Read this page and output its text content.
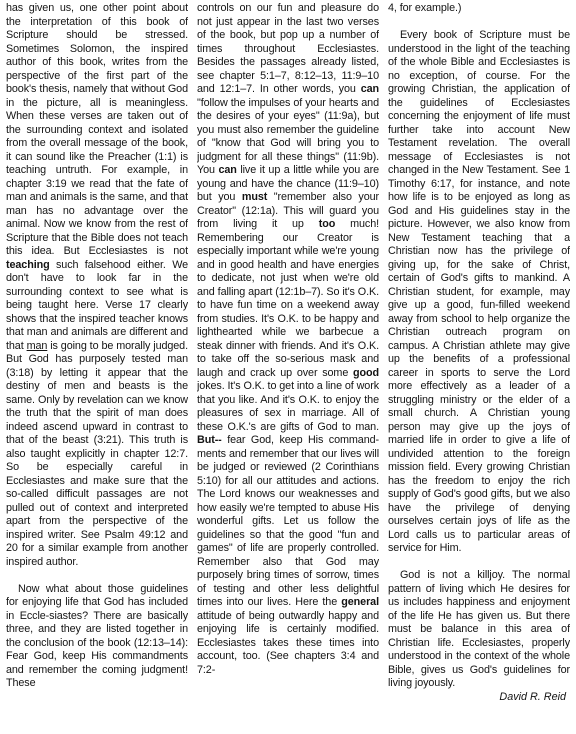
has given us, one other point about the interpretation of this book of Scripture should be stressed. Sometimes Solomon, the inspired author of this book, writes from the perspective of the first part of the book's thesis, namely that without God in the picture, all is meaningless. When these verses are taken out of the surrounding context and isolated from the overall message of the book, it can sound like the Preacher (1:1) is teaching untruth. For example, in chapter 3:19 we read that the fate of man and animals is the same, and that man has no advantage over the animal. Now we know from the rest of Scripture that the Bible does not teach this idea. But Ecclesiastes is not teaching such falsehood either. We don't have to look far in the surrounding context to see what is being taught here. Verse 17 clearly shows that the inspired teacher knows that man and animals are different and that man is going to be morally judged. But God has purposely tested man (3:18) by letting it appear that the destiny of men and beasts is the same. Only by revelation can we know the truth that the spirit of man does indeed ascend upward in contrast to that of the beast (3:21). This truth is also taught explicitly in chapter 12:7. So be especially careful in Ecclesiastes and make sure that the so-called difficult passages are not pulled out of context and interpreted apart from the perspective of the inspired writer. See Psalm 49:12 and 20 for a similar example from another inspired author.

Now what about those guidelines for enjoying life that God has included in Eccle-siastes? There are basically three, and they are listed together in the conclusion of the book (12:13–14): Fear God, keep His commandments and remember the coming judgment! These

controls on our fun and pleasure do not just appear in the last two verses of the book, but pop up a number of times throughout Ecclesiastes. Besides the passages already listed, see chapter 5:1–7, 8:12–13, 11:9–10 and 12:1–7. In other words, you can "follow the impulses of your hearts and the desires of your eyes" (11:9a), but you must also remember the guideline of "know that God will bring you to judgment for all these things" (11:9b). You can live it up a little while you are young and have the chance (11:9–10) but you must "remember also your Creator" (12:1a). This will guard you from living it up too much! Remembering our Creator is especially important while we're young and in good health and have energies to dedicate, not just when we're old and falling apart (12:1b–7). So it's O.K. to have fun time on a weekend away from studies. It's O.K. to be happy and lighthearted while we barbecue a steak dinner with friends. And it's O.K. to take off the so-serious mask and laugh and crack up over some good jokes. It's O.K. to get into a line of work that you like. And it's O.K. to enjoy the pleasures of sex in marriage. All of these O.K.'s are gifts of God to man. But-- fear God, keep His command-ments and remember that our lives will be judged or reviewed (2 Corinthians 5:10) for all our attitudes and actions. The Lord knows our weaknesses and how easily we're tempted to abuse His wonderful gifts. Let us follow the guidelines so that the good "fun and games" of life are properly controlled. Remember also that God may purposely bring times of sorrow, times of testing and other less delightful times into our lives. Here the general attitude of being outwardly happy and enjoying life is certainly modified. Ecclesiastes takes these times into account, too. (See chapters 3:4 and 7:2-

4, for example.)

Every book of Scripture must be understood in the light of the teaching of the whole Bible and Ecclesiastes is no exception, of course. For the growing Christian, the application of the guidelines of Ecclesiastes concerning the enjoyment of life must further take into account New Testament revelation. The overall message of Ecclesiastes is not changed in the New Testament. See 1 Timothy 6:17, for instance, and note how life is to be enjoyed as long as God and His guidelines stay in the picture. However, we also know from New Testament teaching that a Christian now has the privilege of giving up, for the sake of Christ, certain of God's gifts to mankind. A Christian student, for example, may give up a good, fun-filled weekend away from school to help organize the Christian outreach program on campus. A Christian athlete may give up the benefits of a professional career in sports to serve the Lord more effectively as a leader of a struggling ministry or the elder of a small church. A Christian young person may give up the joys of married life in order to give a life of undivided attention to the foreign mission field. Every growing Christian has the freedom to enjoy the rich supply of God's good gifts, but we also have the privilege of denying ourselves certain joys of life as the Lord calls us to particular areas of service for Him.

God is not a killjoy. The normal pattern of living which He desires for us includes happiness and enjoyment of the life He has given us. But there must be balance in this area of Christian life. Ecclesiastes, properly understood in the context of the whole Bible, gives us God's guidelines for living joyously.

David R. Reid
